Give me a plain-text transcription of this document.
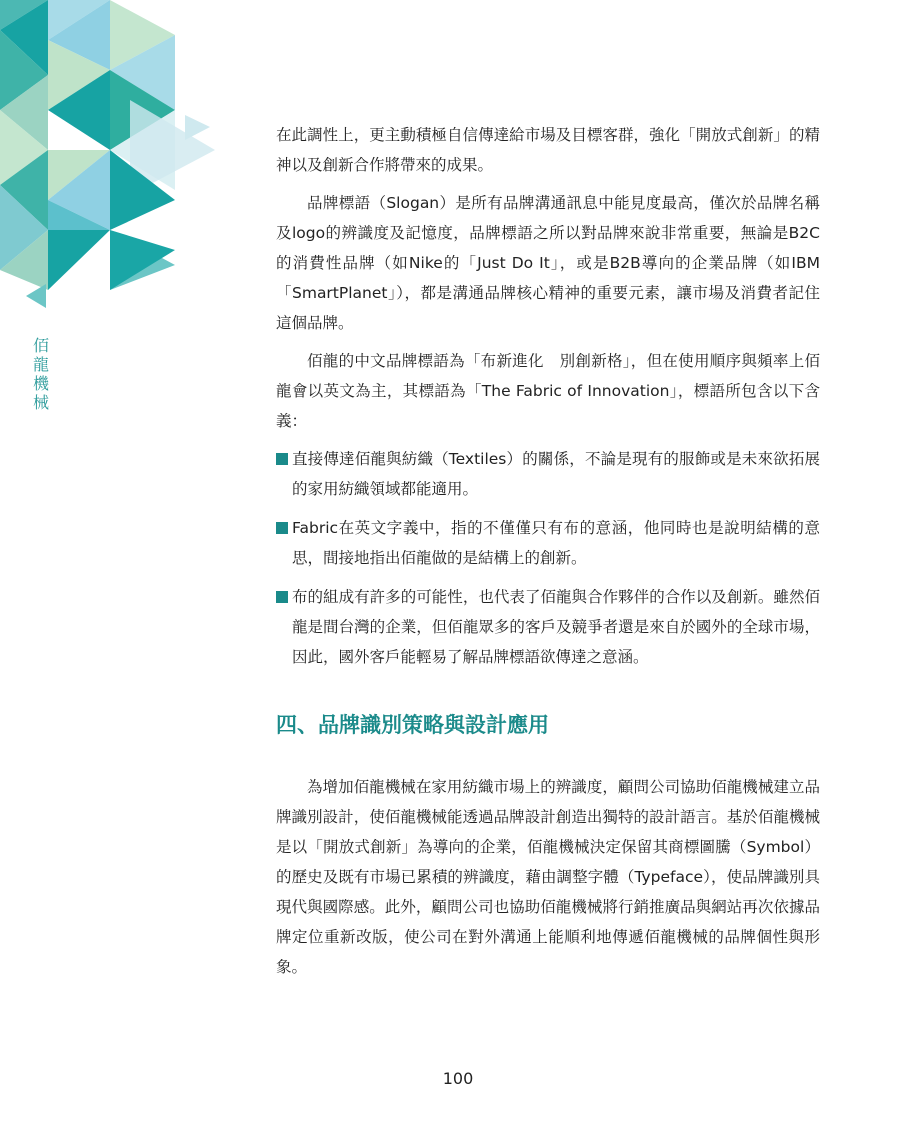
佰
龍
機
械

在此調性上，更主動積極自信傳達給市場及目標客群，強化「開放式創新」的精神以及創新合作將帶來的成果。

品牌標語（Slogan）是所有品牌溝通訊息中能見度最高，僅次於品牌名稱及logo的辨識度及記憶度，品牌標語之所以對品牌來說非常重要，無論是B2C的消費性品牌（如Nike的「Just Do It」，或是B2B導向的企業品牌（如IBM「SmartPlanet」），都是溝通品牌核心精神的重要元素，讓市場及消費者記住這個品牌。

佰龍的中文品牌標語為「布新進化　別創新格」，但在使用順序與頻率上佰龍會以英文為主，其標語為「The Fabric of Innovation」，標語所包含以下含義：

直接傳達佰龍與紡織（Textiles）的關係，不論是現有的服飾或是未來欲拓展的家用紡織領域都能適用。

Fabric在英文字義中，指的不僅僅只有布的意涵，他同時也是說明結構的意思，間接地指出佰龍做的是結構上的創新。

布的組成有許多的可能性，也代表了佰龍與合作夥伴的合作以及創新。雖然佰龍是間台灣的企業，但佰龍眾多的客戶及競爭者還是來自於國外的全球市場，因此，國外客戶能輕易了解品牌標語欲傳達之意涵。

四、品牌識別策略與設計應用

為增加佰龍機械在家用紡織市場上的辨識度，顧問公司協助佰龍機械建立品牌識別設計，使佰龍機械能透過品牌設計創造出獨特的設計語言。基於佰龍機械是以「開放式創新」為導向的企業，佰龍機械決定保留其商標圖騰（Symbol）的歷史及既有市場已累積的辨識度，藉由調整字體（Typeface），使品牌識別具現代與國際感。此外，顧問公司也協助佰龍機械將行銷推廣品與網站再次依據品牌定位重新改版，使公司在對外溝通上能順利地傳遞佰龍機械的品牌個性與形象。

100
